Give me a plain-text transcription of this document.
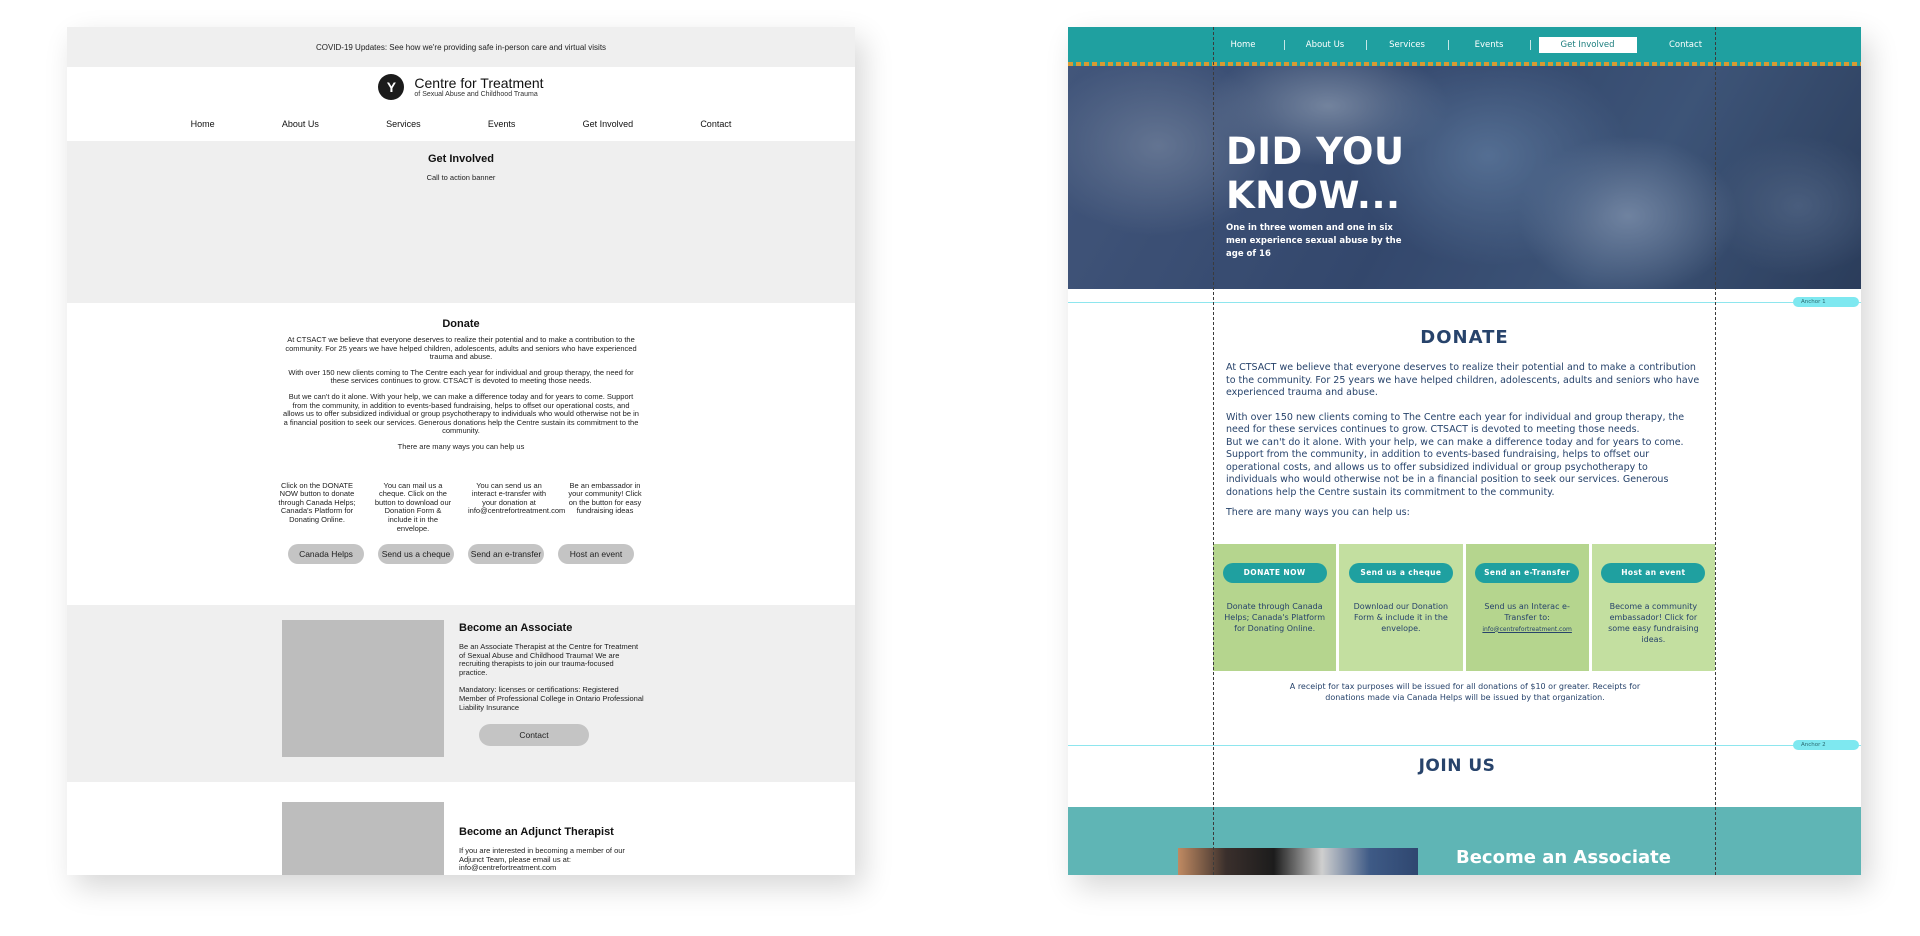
COVID-19 Updates: See how we're providing safe in-person care and virtual visits
Y	Centre for Treatment
of Sexual Abuse and Childhood Trauma
Home	About Us	Services	Events	Get Involved	Contact
Get Involved
Call to action banner
Donate

At CTSACT we believe that everyone deserves to realize their potential and to make a contribution to the community. For 25 years we have helped children, adolescents, adults and seniors who have experienced trauma and abuse.

With over 150 new clients coming to The Centre each year for individual and group therapy, the need for these services continues to grow. CTSACT is devoted to meeting those needs.

But we can't do it alone. With your help, we can make a difference today and for years to come. Support from the community, in addition to events-based fundraising, helps to offset our operational costs, and allows us to offer subsidized individual or group psychotherapy to individuals who would otherwise not be in a financial position to seek our services. Generous donations help the Centre sustain its commitment to the community.

There are many ways you can help us

Click on the DONATE NOW button to donate through Canada Helps; Canada's Platform for Donating Online.
You can mail us a cheque. Click on the button to download our Donation Form & include it in the envelope.
You can send us an interact e-transfer with your donation at info@centrefortreatment.com
Be an embassador in your community! Click on the button for easy fundraising ideas
Canada Helps	Send us a cheque	Send an e-transfer	Host an event
Become an Associate
Be an Associate Therapist at the Centre for Treatment of Sexual Abuse and Childhood Trauma! We are recruiting therapists to join our trauma-focused practice.
Mandatory: licenses or certifications: Registered Member of Professional College in Ontario Professional Liability Insurance
Contact
Become an Adjunct Therapist
If you are interested in becoming a member of our Adjunct Team, please email us at: info@centrefortreatment.com
Home	About Us	Services	Events	Get Involved	Contact
DID YOU
KNOW...
One in three women and one in six men experience sexual abuse by the age of 16
Anchor 1
DONATE

At CTSACT we believe that everyone deserves to realize their potential and to make a contribution to the community. For 25 years we have helped children, adolescents, adults and seniors who have experienced trauma and abuse.

With over 150 new clients coming to The Centre each year for individual and group therapy, the need for these services continues to grow. CTSACT is devoted to meeting those needs.

But we can't do it alone. With your help, we can make a difference today and for years to come. Support from the community, in addition to events-based fundraising, helps to offset our operational costs, and allows us to offer subsidized individual or group psychotherapy to individuals who would otherwise not be in a financial position to seek our services. Generous donations help the Centre sustain its commitment to the community.

There are many ways you can help us:

DONATE NOW
Donate through Canada Helps; Canada's Platform for Donating Online.
Send us a cheque
Download our Donation Form & include it in the envelope.
Send an e-Transfer
Send us an Interac e-Transfer to: info@centrefortreatment.com
Host an event
Become a community embassador! Click for some easy fundraising ideas.

A receipt for tax purposes will be issued for all donations of $10 or greater. Receipts for donations made via Canada Helps will be issued by that organization.

Anchor 2
JOIN US
Become an Associate
